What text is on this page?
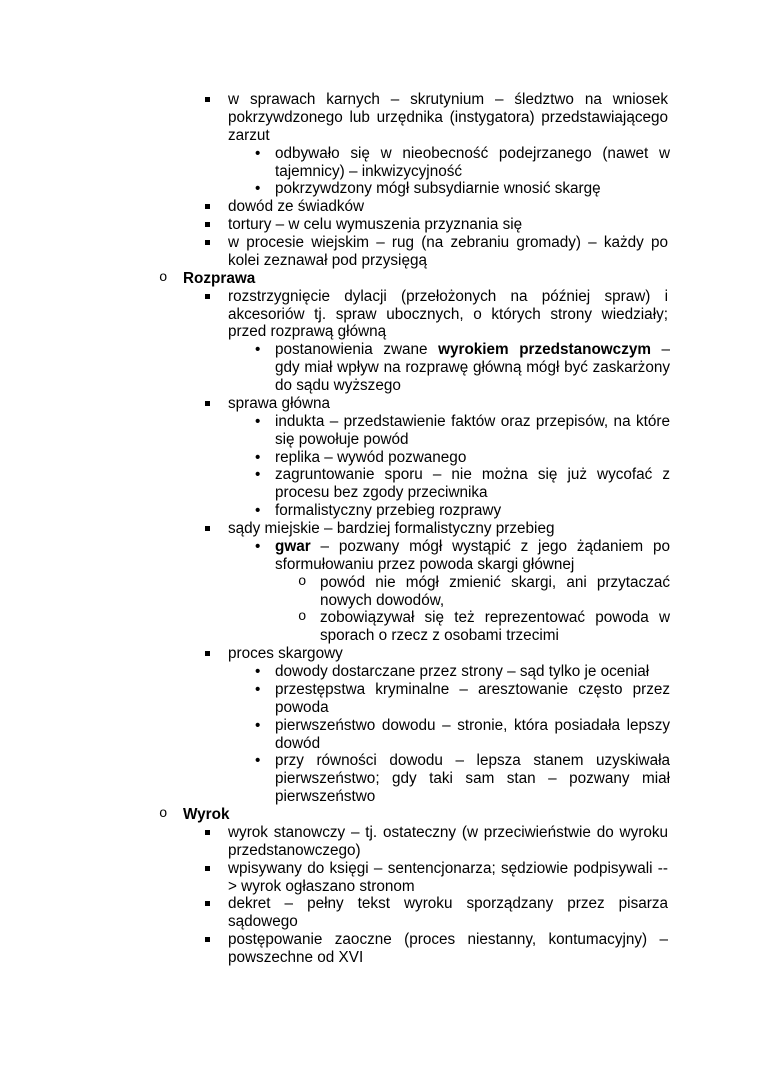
w sprawach karnych – skrutynium – śledztwo na wniosek pokrzywdzonego lub urzędnika (instygatora) przedstawiającego zarzut
• odbywało się w nieobecność podejrzanego (nawet w tajemnicy) – inkwizycyjność
• pokrzywdzony mógł subsydiarnie wnosić skargę
dowód ze świadków
tortury – w celu wymuszenia przyznania się
w procesie wiejskim – rug (na zebraniu gromady) – każdy po kolei zeznawał pod przysięgą
o Rozprawa
rozstrzygnięcie dylacji (przełożonych na później spraw) i akcesoriów tj. spraw ubocznych, o których strony wiedziały; przed rozprawą główną
• postanowienia zwane wyrokiem przedstanowczym – gdy miał wpływ na rozprawę główną mógł być zaskarżony do sądu wyższego
sprawa główna
• indukta – przedstawienie faktów oraz przepisów, na które się powołuje powód
• replika – wywód pozwanego
• zagruntowanie sporu – nie można się już wycofać z procesu bez zgody przeciwnika
• formalistyczny przebieg rozprawy
sądy miejskie – bardziej formalistyczny przebieg
• gwar – pozwany mógł wystąpić z jego żądaniem po sformułowaniu przez powoda skargi głównej
o powód nie mógł zmienić skargi, ani przytaczać nowych dowodów,
o zobowiązywał się też reprezentować powoda w sporach o rzecz z osobami trzecimi
proces skargowy
• dowody dostarczane przez strony – sąd tylko je oceniał
• przestępstwa kryminalne – aresztowanie często przez powoda
• pierwszeństwo dowodu – stronie, która posiadała lepszy dowód
• przy równości dowodu – lepsza stanem uzyskiwała pierwszeństwo; gdy taki sam stan – pozwany miał pierwszeństwo
o Wyrok
wyrok stanowczy – tj. ostateczny (w przeciwieństwie do wyroku przedstanowczego)
wpisywany do księgi – sentencjonarza; sędziowie podpisywali --> wyrok ogłaszano stronom
dekret – pełny tekst wyroku sporządzany przez pisarza sądowego
postępowanie zaoczne (proces niestanny, kontumacyjny) – powszechne od XVI
